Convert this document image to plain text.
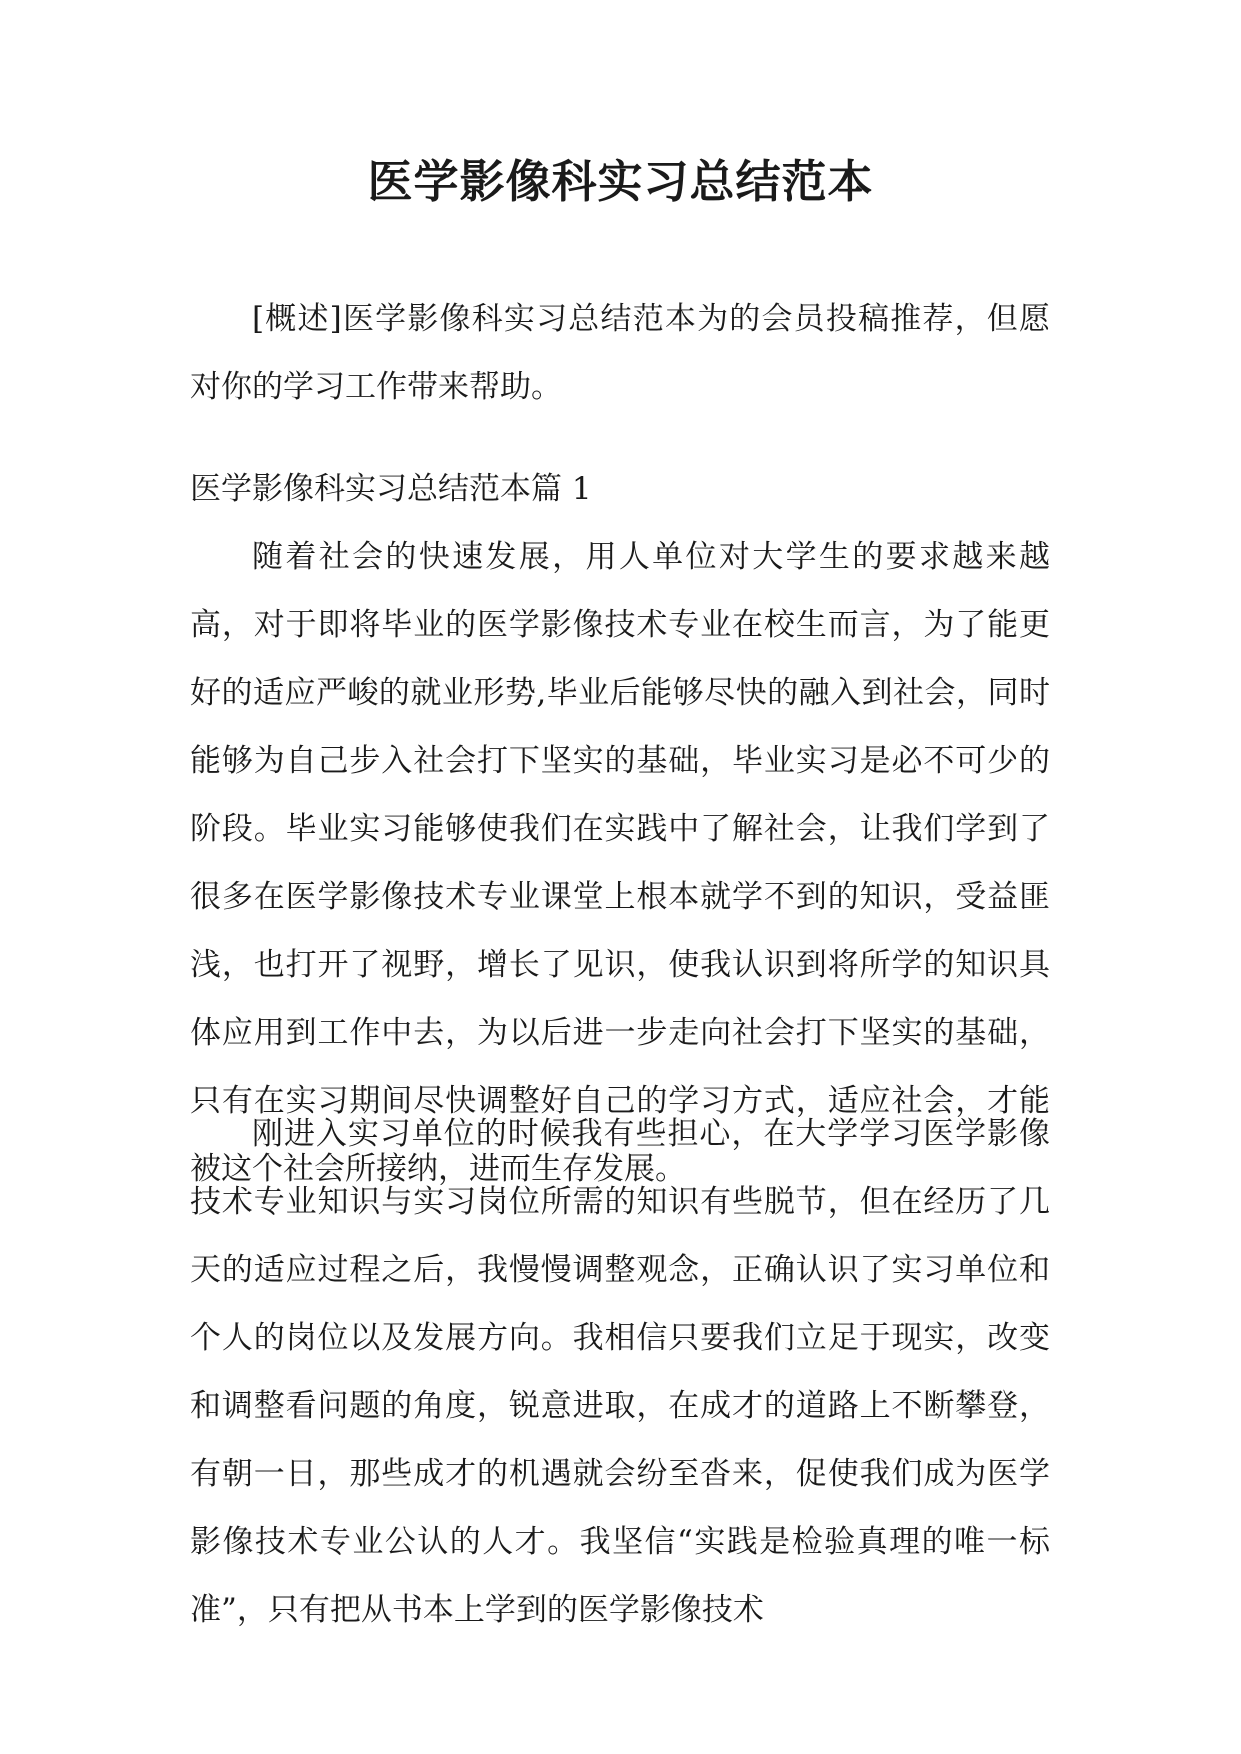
医学影像科实习总结范本

[概述]医学影像科实习总结范本为的会员投稿推荐，但愿对你的学习工作带来帮助。

医学影像科实习总结范本篇 1

随着社会的快速发展，用人单位对大学生的要求越来越高，对于即将毕业的医学影像技术专业在校生而言，为了能更好的适应严峻的就业形势,毕业后能够尽快的融入到社会，同时能够为自己步入社会打下坚实的基础，毕业实习是必不可少的阶段。毕业实习能够使我们在实践中了解社会，让我们学到了很多在医学影像技术专业课堂上根本就学不到的知识，受益匪浅，也打开了视野，增长了见识，使我认识到将所学的知识具体应用到工作中去，为以后进一步走向社会打下坚实的基础，只有在实习期间尽快调整好自己的学习方式，适应社会，才能被这个社会所接纳，进而生存发展。

刚进入实习单位的时候我有些担心，在大学学习医学影像技术专业知识与实习岗位所需的知识有些脱节，但在经历了几天的适应过程之后，我慢慢调整观念，正确认识了实习单位和个人的岗位以及发展方向。我相信只要我们立足于现实，改变和调整看问题的角度，锐意进取，在成才的道路上不断攀登，有朝一日，那些成才的机遇就会纷至沓来，促使我们成为医学影像技术专业公认的人才。我坚信“实践是检验真理的唯一标准”，只有把从书本上学到的医学影像技术
